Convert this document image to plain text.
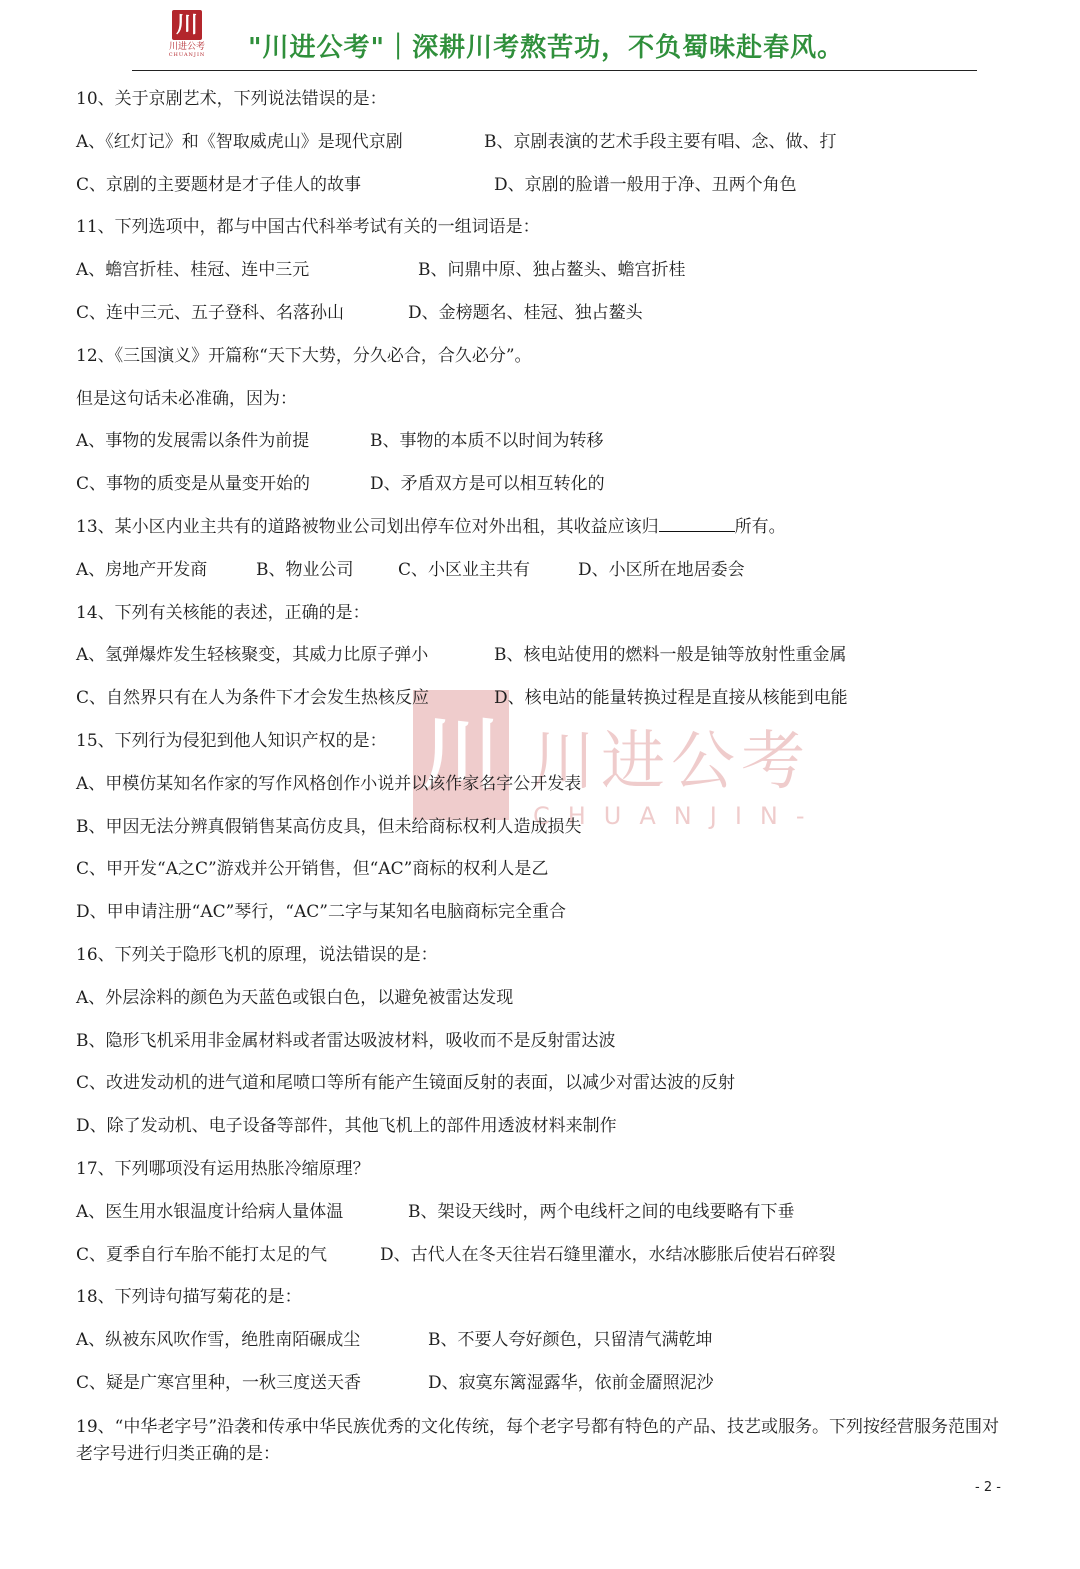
川
川进公考
CHUANJIN "川进公考"｜深耕川考熬苦功，不负蜀味赴春风。
川 川进公考
CHUANJIN-
10、关于京剧艺术，下列说法错误的是：
A、《红灯记》和《智取威虎山》是现代京剧	B、京剧表演的艺术手段主要有唱、念、做、打
C、京剧的主要题材是才子佳人的故事	D、京剧的脸谱一般用于净、丑两个角色
11、下列选项中，都与中国古代科举考试有关的一组词语是：
A、蟾宫折桂、桂冠、连中三元	B、问鼎中原、独占鳌头、蟾宫折桂
C、连中三元、五子登科、名落孙山	D、金榜题名、桂冠、独占鳌头
12、《三国演义》开篇称“天下大势，分久必合，合久必分”。
但是这句话未必准确，因为：
A、事物的发展需以条件为前提	B、事物的本质不以时间为转移
C、事物的质变是从量变开始的	D、矛盾双方是可以相互转化的
13、某小区内业主共有的道路被物业公司划出停车位对外出租，其收益应该归	所有。
A、房地产开发商	B、物业公司	C、小区业主共有	D、小区所在地居委会
14、下列有关核能的表述，正确的是：
A、氢弹爆炸发生轻核聚变，其威力比原子弹小	B、核电站使用的燃料一般是铀等放射性重金属
C、自然界只有在人为条件下才会发生热核反应	D、核电站的能量转换过程是直接从核能到电能
15、下列行为侵犯到他人知识产权的是：
A、甲模仿某知名作家的写作风格创作小说并以该作家名字公开发表
B、甲因无法分辨真假销售某高仿皮具，但未给商标权利人造成损失
C、甲开发“A之C”游戏并公开销售，但“AC”商标的权利人是乙
D、甲申请注册“AC”琴行，“AC”二字与某知名电脑商标完全重合
16、下列关于隐形飞机的原理，说法错误的是：
A、外层涂料的颜色为天蓝色或银白色，以避免被雷达发现
B、隐形飞机采用非金属材料或者雷达吸波材料，吸收而不是反射雷达波
C、改进发动机的进气道和尾喷口等所有能产生镜面反射的表面，以减少对雷达波的反射
D、除了发动机、电子设备等部件，其他飞机上的部件用透波材料来制作
17、下列哪项没有运用热胀冷缩原理？
A、医生用水银温度计给病人量体温	B、架设天线时，两个电线杆之间的电线要略有下垂
C、夏季自行车胎不能打太足的气	D、古代人在冬天往岩石缝里灌水，水结冰膨胀后使岩石碎裂
18、下列诗句描写菊花的是：
A、纵被东风吹作雪，绝胜南陌碾成尘	B、不要人夸好颜色，只留清气满乾坤
C、疑是广寒宫里种，一秋三度送天香	D、寂寞东篱湿露华，依前金靥照泥沙
19、“中华老字号”沿袭和传承中华民族优秀的文化传统，每个老字号都有特色的产品、技艺或服务。下列按经营服务范围对老字号进行归类正确的是：
- 2 -
